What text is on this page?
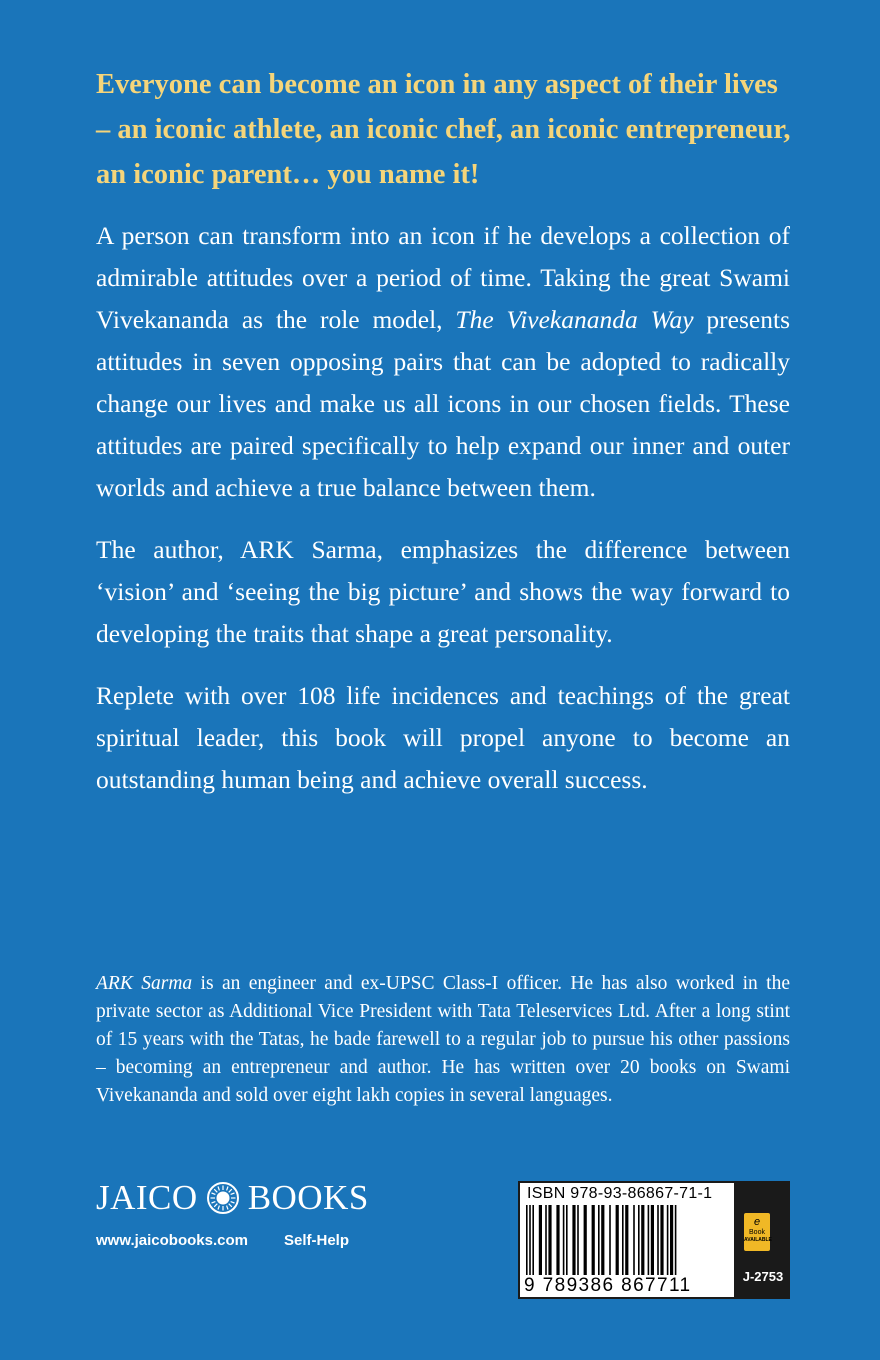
Everyone can become an icon in any aspect of their lives – an iconic athlete, an iconic chef, an iconic entrepreneur, an iconic parent… you name it!

A person can transform into an icon if he develops a collection of admirable attitudes over a period of time. Taking the great Swami Vivekananda as the role model, The Vivekananda Way presents attitudes in seven opposing pairs that can be adopted to radically change our lives and make us all icons in our chosen fields. These attitudes are paired specifically to help expand our inner and outer worlds and achieve a true balance between them.

The author, ARK Sarma, emphasizes the difference between ‘vision’ and ‘seeing the big picture’ and shows the way forward to developing the traits that shape a great personality.

Replete with over 108 life incidences and teachings of the great spiritual leader, this book will propel anyone to become an outstanding human being and achieve overall success.

ARK Sarma is an engineer and ex-UPSC Class-I officer. He has also worked in the private sector as Additional Vice President with Tata Teleservices Ltd. After a long stint of 15 years with the Tatas, he bade farewell to a regular job to pursue his other passions – becoming an entrepreneur and author. He has written over 20 books on Swami Vivekananda and sold over eight lakh copies in several languages.

JAICO BOOKS
www.jaicobooks.com Self-Help
ISBN 978-93-86867-71-1
9 789386 867711
e
Book
AVAILABLE
J-2753
